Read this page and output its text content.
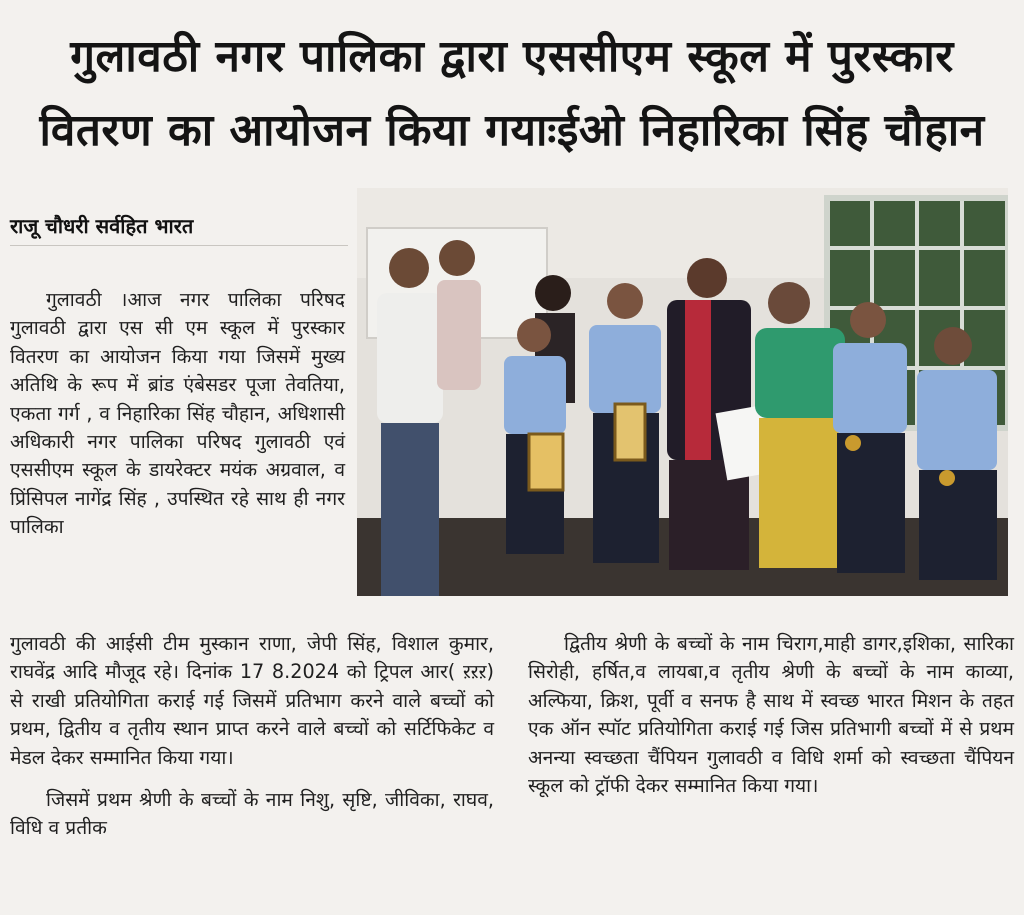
गुलावठी नगर पालिका द्वारा एससीएम स्कूल में पुरस्कार
वितरण का आयोजन किया गयाःईओ निहारिका सिंह चौहान
राजू चौधरी सर्वहित भारत
गुलावठी ।आज नगर पालिका परिषद गुलावठी द्वारा एस सी एम स्कूल में पुरस्कार वितरण का आयोजन किया गया जिसमें मुख्य अतिथि के रूप में ब्रांड एंबेसडर पूजा तेवतिया, एकता गर्ग , व निहारिका सिंह चौहान, अधिशासी अधिकारी नगर पालिका परिषद गुलावठी एवं एससीएम स्कूल के डायरेक्टर मयंक अग्रवाल, व प्रिंसिपल नागेंद्र सिंह , उपस्थित रहे साथ ही नगर पालिका
गुलावठी की आईसी टीम मुस्कान राणा, जेपी सिंह, विशाल कुमार, राघवेंद्र आदि मौजूद रहे। दिनांक 17 8.2024 को ट्रिपल आर( ऱऱऱ) से राखी प्रतियोगिता कराई गई जिसमें प्रतिभाग करने वाले बच्चों को प्रथम, द्वितीय व तृतीय स्थान प्राप्त करने वाले बच्चों को सर्टिफिकेट व मेडल देकर सम्मानित किया गया।
जिसमें प्रथम श्रेणी के बच्चों के नाम निशु, सृष्टि, जीविका, राघव, विधि व प्रतीक
द्वितीय श्रेणी के बच्चों के नाम चिराग,माही डागर,इशिका, सारिका सिरोही, हर्षित,व लायबा,व तृतीय श्रेणी के बच्चों के नाम काव्या, अल्फिया, क्रिश, पूर्वी व सनफ है साथ में स्वच्छ भारत मिशन के तहत एक ऑन स्पॉट प्रतियोगिता कराई गई जिस प्रतिभागी बच्चों में से प्रथम अनन्या स्वच्छता चैंपियन गुलावठी व विधि शर्मा को स्वच्छता चैंपियन स्कूल को ट्रॉफी देकर सम्मानित किया गया।
